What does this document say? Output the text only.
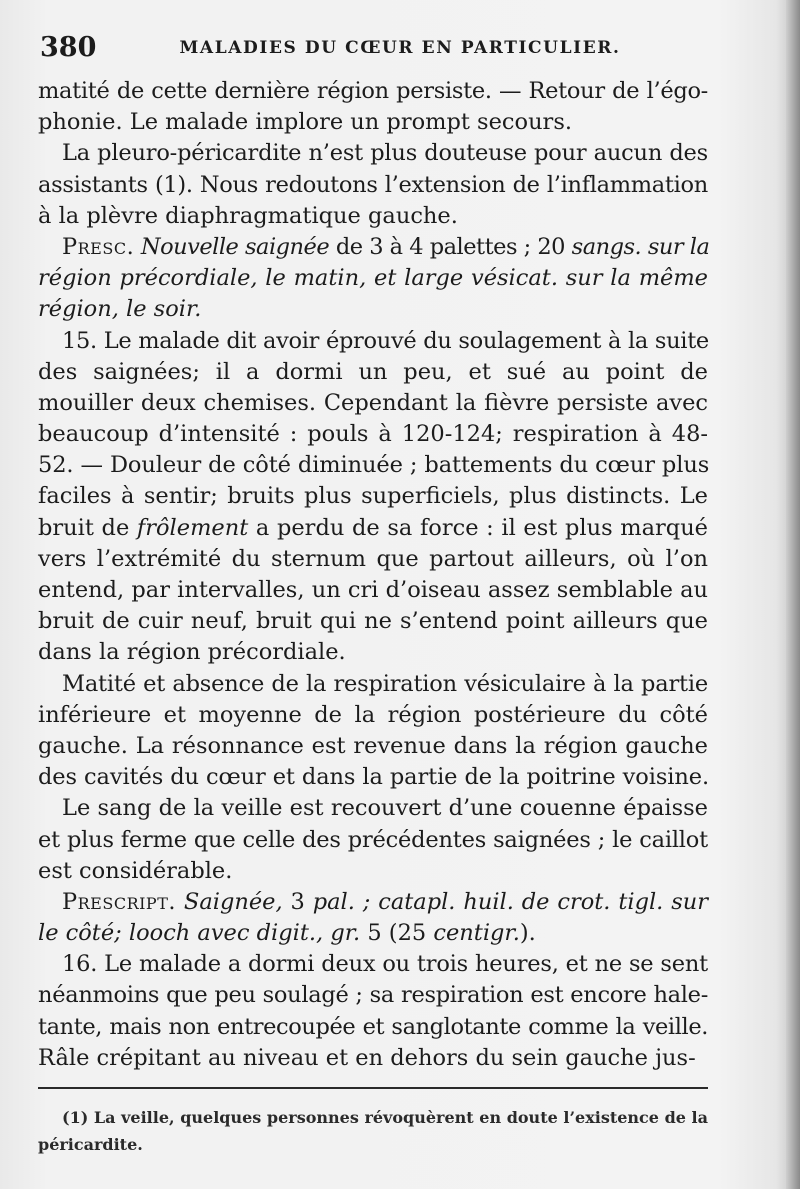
380	MALADIES DU CŒUR EN PARTICULIER.
matité de cette dernière région persiste. — Retour de l’égo-
phonie. Le malade implore un prompt secours.
La pleuro-péricardite n’est plus douteuse pour aucun des
assistants (1). Nous redoutons l’extension de l’inflammation
à la plèvre diaphragmatique gauche.
Presc. Nouvelle saignée de 3 à 4 palettes ; 20 sangs. sur la
région précordiale, le matin, et large vésicat. sur la même
région, le soir.
15. Le malade dit avoir éprouvé du soulagement à la suite
des saignées; il a dormi un peu, et sué au point de
mouiller deux chemises. Cependant la fièvre persiste avec
beaucoup d’intensité : pouls à 120-124; respiration à 48-
52. — Douleur de côté diminuée ; battements du cœur plus
faciles à sentir; bruits plus superficiels, plus distincts. Le
bruit de frôlement a perdu de sa force : il est plus marqué
vers l’extrémité du sternum que partout ailleurs, où l’on
entend, par intervalles, un cri d’oiseau assez semblable au
bruit de cuir neuf, bruit qui ne s’entend point ailleurs que
dans la région précordiale.
Matité et absence de la respiration vésiculaire à la partie
inférieure et moyenne de la région postérieure du côté
gauche. La résonnance est revenue dans la région gauche
des cavités du cœur et dans la partie de la poitrine voisine.
Le sang de la veille est recouvert d’une couenne épaisse
et plus ferme que celle des précédentes saignées ; le caillot
est considérable.
Prescript. Saignée, 3 pal. ; catapl. huil. de crot. tigl. sur
le côté; looch avec digit., gr. 5 (25 centigr.).
16. Le malade a dormi deux ou trois heures, et ne se sent
néanmoins que peu soulagé ; sa respiration est encore hale-
tante, mais non entrecoupée et sanglotante comme la veille.
Râle crépitant au niveau et en dehors du sein gauche jus-
(1) La veille, quelques personnes révoquèrent en doute l’existence de la
péricardite.
